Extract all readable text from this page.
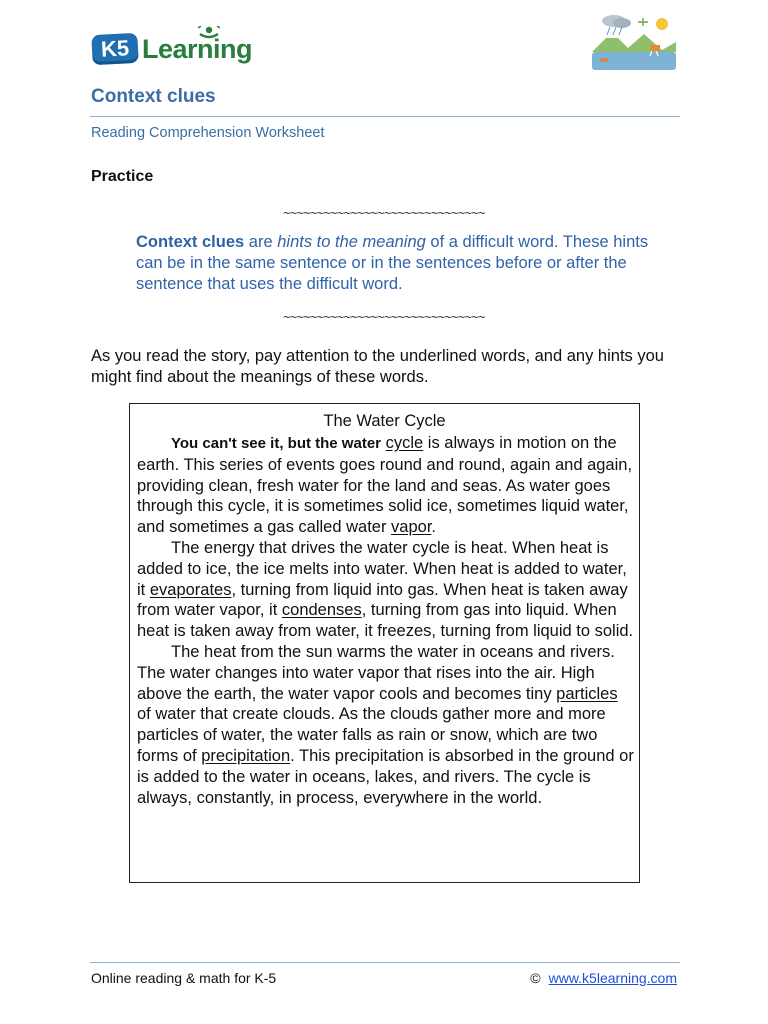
K5 Learning
Context clues
Reading Comprehension Worksheet
Practice
~~~~~~~~~~~~~~~~~~~~~~~~~~~~~~
Context clues are hints to the meaning of a difficult word. These hints can be in the same sentence or in the sentences before or after the sentence that uses the difficult word.
~~~~~~~~~~~~~~~~~~~~~~~~~~~~~~
As you read the story, pay attention to the underlined words, and any hints you might find about the meanings of these words.
The Water Cycle

You can't see it, but the water cycle is always in motion on the earth. This series of events goes round and round, again and again, providing clean, fresh water for the land and seas. As water goes through this cycle, it is sometimes solid ice, sometimes liquid water, and sometimes a gas called water vapor.

The energy that drives the water cycle is heat. When heat is added to ice, the ice melts into water. When heat is added to water, it evaporates, turning from liquid into gas. When heat is taken away from water vapor, it condenses, turning from gas into liquid. When heat is taken away from water, it freezes, turning from liquid to solid.

The heat from the sun warms the water in oceans and rivers. The water changes into water vapor that rises into the air. High above the earth, the water vapor cools and becomes tiny particles of water that create clouds. As the clouds gather more and more particles of water, the water falls as rain or snow, which are two forms of precipitation. This precipitation is absorbed in the ground or is added to the water in oceans, lakes, and rivers. The cycle is always, constantly, in process, everywhere in the world.

Online reading & math for K-5	© www.k5learning.com
